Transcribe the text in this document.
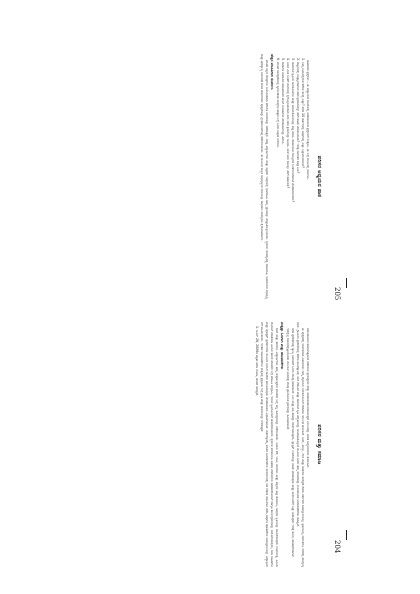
ಪರಿಸರ ಅಧ್ಯಯನ ಪಾಠ

ಸಾಮಾಜಿಕ ಪ್ರಶ್ನೆಗಳು – ಈ ಅಧ್ಯಾಯದ ಕೊನೆಯಲ್ಲಿ ನೀಡಲಾಗಿರುವ ಪ್ರಶ್ನೆಗಳಿಗೆ ಉತ್ತರಿಸಿ. ಈ ಬಗ್ಗೆ ಗುಂಪಿನಲ್ಲಿ ಚರ್ಚಿಸಿರಿ.

1. ನಿಮ್ಮ ಊರಿನಲ್ಲಿರುವ ಕೆರೆಗಳ ಸಂಖ್ಯೆ ಎಷ್ಟು? ಕಳೆದ 10 ವರ್ಷಗಳಲ್ಲಿ ಅವುಗಳಲ್ಲಿ ಎಷ್ಟು ಒತ್ತುವರಿಯಾಗಿವೆ?

2. ಪಟ್ಟಣದಲ್ಲಿ ಉತ್ಪತ್ತಿಯಾಗುವ ಕಸದ ಪ್ರಮಾಣವನ್ನು ಹೇಗೆ ಕಡಿಮೆ ಮಾಡಬಹುದು? ಇದಕ್ಕೆ ನಾಗರಿಕರ ಪಾತ್ರ ಏನು?

3. ಸಾವಯವ ಕೃಷಿಯ ಅನುಕೂಲಗಳು ಮತ್ತು ಅನಾನುಕೂಲಗಳನ್ನು ಪಟ್ಟಿ ಮಾಡಿ. ರಾಸಾಯನಿಕ ಗೊಬ್ಬರದ ಬಳಕೆಯಿಂದಾಗುವ ಪರಿಣಾಮಗಳೇನು?

4. ನೀರಿನ ಮಿತ ಬಳಕೆಗೆ ಮನೆಯಲ್ಲಿ ಕೈಗೊಳ್ಳಬಹುದಾದ ಐದು ಸರಳ ಕ್ರಮಗಳನ್ನು ಸೂಚಿಸಿ. ಮಳೆ ನೀರು ಕೊಯ್ಲು ಹೇಗೆ ಸಹಾಯಕ?

5. ಕಾಡುಗಳ ನಾಶದಿಂದ ಹವಾಮಾನದ ಮೇಲೆ ಉಂಟಾಗುವ ಪರಿಣಾಮಗಳನ್ನು ವಿವರಿಸಿ.

6. ಪರಿಸರ ಸಂರಕ್ಷಣೆಯಲ್ಲಿ ಸ್ವಯಂಸೇವಾ ಸಂಸ್ಥೆಗಳ ಪಾತ್ರದ ಬಗ್ಗೆ ಒಂದು ಟಿಪ್ಪಣಿ ಬರೆಯಿರಿ.

ಹೆಚ್ಚಿನ ಮಾಹಿತಿಗಾಗಿ ಸಂಪರ್ಕಿಸಿ

ಪರಿಸರ ಶಿಕ್ಷಣ ಕೇಂದ್ರಗಳು ನಿಯಮಿತವಾಗಿ ತರಬೇತಿ ಶಿಬಿರಗಳನ್ನು ನಡೆಸುತ್ತವೆ. ಆಸಕ್ತ ವಿದ್ಯಾರ್ಥಿಗಳು ಮತ್ತು ಶಿಕ್ಷಕರು ಇವುಗಳಲ್ಲಿ ಭಾಗವಹಿಸಿ ತಮ್ಮ ಜ್ಞಾನವನ್ನು ಹೆಚ್ಚಿಸಿಕೊಳ್ಳಬಹುದು. ಸ್ಥಳೀಯ ಜೀವವೈವಿಧ್ಯ ದಾಖಲಾತಿ, ಜಲಾನಯನ ಅಭಿವೃದ್ಧಿ ಮತ್ತು ಘನತ್ಯಾಜ್ಯ ನಿರ್ವಹಣೆ ಕುರಿತ ಮಾರ್ಗದರ್ಶಿ ಪುಸ್ತಕಗಳನ್ನು ಗ್ರಂಥಾಲಯಗಳಲ್ಲಿ ಪಡೆಯಬಹುದು. ಈ ಮೂಲಕ ಸುಸ್ಥಿರ ಅಭಿವೃದ್ಧಿಯ ಗುರಿಯನ್ನು ಸಾಧಿಸಲು ನಾವೆಲ್ಲರೂ ಕೈಜೋಡಿಸೋಣ.

205
ಪರಿಸರ ಮತ್ತು ಸಮಾಜ

ಸಮುದಾಯದ ಸಹಭಾಗಿತ್ವದಿಂದ ನಡೆಯುವ ಪ್ರಯತ್ನಗಳು ಹೆಚ್ಚು ಪರಿಣಾಮಕಾರಿಯಾಗಿರುತ್ತವೆ ಎಂಬುದನ್ನು ಅನೇಕ ಅಧ್ಯಯನಗಳು ತೋರಿಸಿವೆ.

ಈ ಪುಸ್ತಕದಲ್ಲಿ ಚರ್ಚಿಸಲಾದ ವಿಷಯಗಳು ನಮ್ಮ ದೈನಂದಿನ ಬದುಕಿನೊಂದಿಗೆ ನೇರವಾಗಿ ಸಂಬಂಧ ಹೊಂದಿವೆ. ನೀರು, ಮಣ್ಣು, ಗಾಳಿ ಮತ್ತು ಕಾಡುಗಳ ಸಂರಕ್ಷಣೆ ಕೇವಲ ಸರ್ಕಾರದ ಜವಾಬ್ದಾರಿಯಲ್ಲ; ಪ್ರತಿಯೊಬ್ಬ ನಾಗರಿಕನೂ ಇದರಲ್ಲಿ ಪಾಲ್ಗೊಳ್ಳಬೇಕು. ಗ್ರಾಮೀಣ ಪ್ರದೇಶಗಳಲ್ಲಿ ಕೆರೆಗಳ ಹೂಳೆತ್ತುವಿಕೆ, ಮರ ನೆಡುವಿಕೆ ಮತ್ತು ಸಾವಯವ ಕೃಷಿ ಪದ್ಧತಿಗಳನ್ನು ಅಳವಡಿಸಿಕೊಳ್ಳುವ ಮೂಲಕ ಜನರು ತಮ್ಮ ಪರಿಸರವನ್ನು ಉಳಿಸಿಕೊಂಡ ಉದಾಹರಣೆಗಳು ಸಾಕಷ್ಟಿವೆ.

ನಗರ ಪ್ರದೇಶಗಳಲ್ಲಿ ತ್ಯಾಜ್ಯ ನಿರ್ವಹಣೆ ಒಂದು ದೊಡ್ಡ ಸವಾಲಾಗಿದೆ. ಒಣ ಮತ್ತು ಹಸಿ ಕಸವನ್ನು ಬೇರ್ಪಡಿಸುವುದು, ಪ್ಲಾಸ್ಟಿಕ್ ಬಳಕೆಯನ್ನು ಕಡಿಮೆ ಮಾಡುವುದು ಮತ್ತು ಮರುಬಳಕೆಗೆ ಒತ್ತು ನೀಡುವುದು ಇದಕ್ಕೆ ಸುಲಭ ಪರಿಹಾರಗಳಾಗಿವೆ.

ಇದನ್ನೆಲ್ಲ ಗಮನದಲ್ಲಿಟ್ಟುಕೊಂಡು ಮುಂದಿನ ಭಾಗದಲ್ಲಿ ಕೆಲವು ಪ್ರಾಯೋಗಿಕ ಕ್ರಮಗಳನ್ನು ಸೂಚಿಸಲಾಗಿದೆ.

ಮತ್ತಷ್ಟು ಓದಿಗಾಗಿ ಮತ್ತು ಚಟುವಟಿಕೆಗಳು

ಶಾಲೆ ಮತ್ತು ಕಾಲೇಜು ವಿದ್ಯಾರ್ಥಿಗಳು ತಮ್ಮ ಸುತ್ತಮುತ್ತಲಿನ ಪರಿಸರದ ಬಗ್ಗೆ ಸಣ್ಣ ಸಮೀಕ್ಷೆಗಳನ್ನು ನಡೆಸಬಹುದು. ಊರಿನ ಕೆರೆ, ಬಾವಿ, ಮರಗಳು ಮತ್ತು ಪಕ್ಷಿಗಳ ಪಟ್ಟಿ ತಯಾರಿಸಿ, ಅವುಗಳ ಸ್ಥಿತಿಯನ್ನು ದಾಖಲಿಸುವುದು ಉಪಯುಕ್ತ. ಹಿರಿಯರೊಂದಿಗೆ ಮಾತನಾಡಿ ಹಿಂದಿನ ಕಾಲದ ಪರಿಸರದ ಬಗ್ಗೆ ಮಾಹಿತಿ ಸಂಗ್ರಹಿಸಿ, ಇಂದಿನ ಸ್ಥಿತಿಯೊಂದಿಗೆ ಹೋಲಿಸಬಹುದು. ಸ್ಥಳೀಯ ಪಂಚಾಯಿತಿ ಅಥವಾ ನಗರಸಭೆಯ ಸಹಕಾರದೊಂದಿಗೆ ಜಾಗೃತಿ ಕಾರ್ಯಕ್ರಮಗಳನ್ನು ಆಯೋಜಿಸುವುದು, ಬೀದಿ ನಾಟಕಗಳು ಮತ್ತು ಪೋಸ್ಟರ್ ಪ್ರದರ್ಶನಗಳ ಮೂಲಕ ಜನರಿಗೆ ಸಂದೇಶ ತಲುಪಿಸುವುದು ಪರಿಣಾಮಕಾರಿ ವಿಧಾನಗಳಾಗಿವೆ. ವರ್ಷಕ್ಕೊಮ್ಮೆ ಪರಿಸರ ದಿನಾಚರಣೆಯ ಸಂದರ್ಭದಲ್ಲಿ ಗಿಡ ನೆಡುವ ಅಭಿಯಾನ ನಡೆಸಿ ಅವುಗಳ ಪೋಷಣೆಯ ಜವಾಬ್ದಾರಿಯನ್ನು ವಿದ್ಯಾರ್ಥಿಗಳಿಗೆ ವಹಿಸಬಹುದು. ಇಂತಹ ಚಟುವಟಿಕೆಗಳು ಮಕ್ಕಳಲ್ಲಿ ಪ್ರಕೃತಿಯ ಬಗ್ಗೆ ಪ್ರೀತಿ ಮತ್ತು ಕಾಳಜಿಯನ್ನು ಬೆಳೆಸುತ್ತವೆ.

1. ಜೂನ್ 26, 2006ರ ಪತ್ರಿಕಾ ವರದಿ ನೋಡಿ, ಪರಿಸರ ಸಂರಕ್ಷಣೆ.

204
